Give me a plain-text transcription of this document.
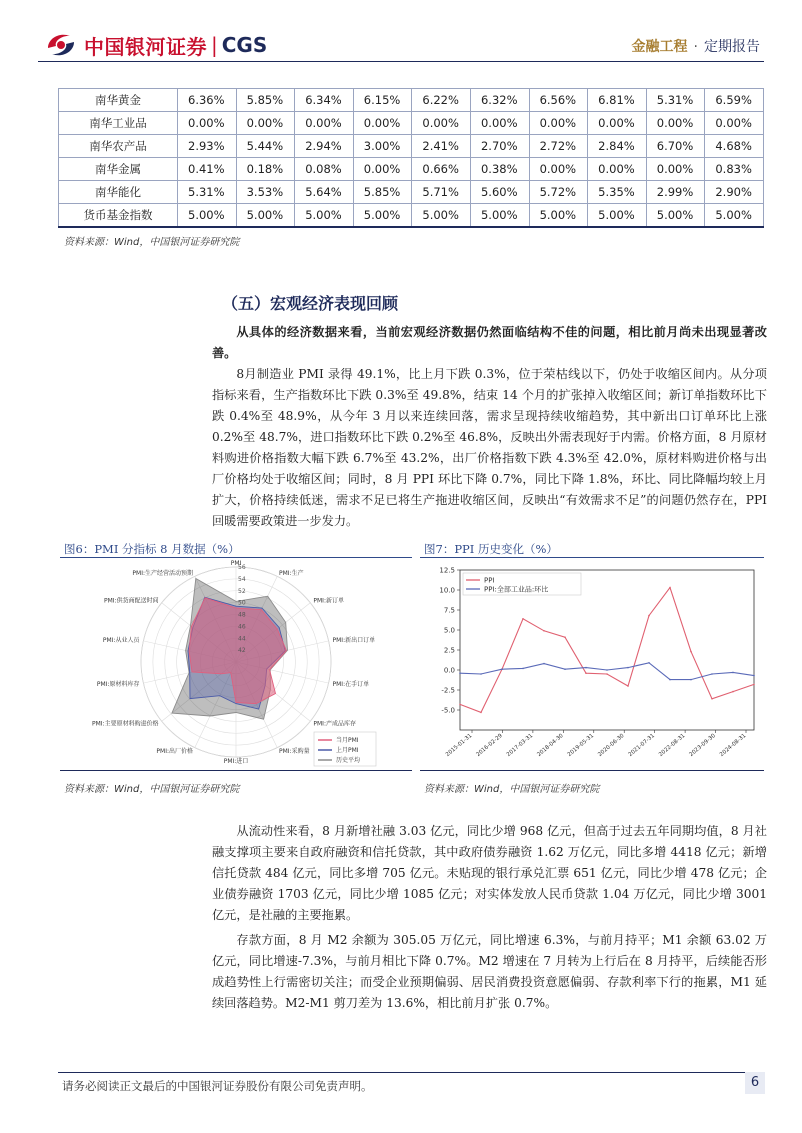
中国银河证券 | CGS	金融工程 · 定期报告
南华黄金	6.36%	5.85%	6.34%	6.15%	6.22%	6.32%	6.56%	6.81%	5.31%	6.59%
南华工业品	0.00%	0.00%	0.00%	0.00%	0.00%	0.00%	0.00%	0.00%	0.00%	0.00%
南华农产品	2.93%	5.44%	2.94%	3.00%	2.41%	2.70%	2.72%	2.84%	6.70%	4.68%
南华金属	0.41%	0.18%	0.08%	0.00%	0.66%	0.38%	0.00%	0.00%	0.00%	0.83%
南华能化	5.31%	3.53%	5.64%	5.85%	5.71%	5.60%	5.72%	5.35%	2.99%	2.90%
货币基金指数	5.00%	5.00%	5.00%	5.00%	5.00%	5.00%	5.00%	5.00%	5.00%	5.00%
资料来源：Wind，中国银河证券研究院
（五）宏观经济表现回顾
从具体的经济数据来看，当前宏观经济数据仍然面临结构不佳的问题，相比前月尚未出现显著改善。
8月制造业 PMI 录得 49.1%，比上月下跌 0.3%，位于荣枯线以下，仍处于收缩区间内。从分项指标来看，生产指数环比下跌 0.3%至 49.8%，结束 14 个月的扩张掉入收缩区间；新订单指数环比下跌 0.4%至 48.9%，从今年 3 月以来连续回落，需求呈现持续收缩趋势，其中新出口订单环比上涨 0.2%至 48.7%，进口指数环比下跌 0.2%至 46.8%，反映出外需表现好于内需。价格方面，8 月原材料购进价格指数大幅下跌 6.7%至 43.2%，出厂价格指数下跌 4.3%至 42.0%，原材料购进价格与出厂价格均处于收缩区间；同时，8 月 PPI 环比下降 0.7%，同比下降 1.8%，环比、同比降幅均较上月扩大，价格持续低迷，需求不足已将生产拖进收缩区间，反映出“有效需求不足”的问题仍然存在，PPI 回暖需要政策进一步发力。
图6：PMI 分指标 8 月数据（%）	图7：PPI 历史变化（%）
42
44
46
48
50
52
54
56
PMI
PMI:生产
PMI:新订单
PMI:新出口订单
PMI:在手订单
PMI:产成品库存
PMI:采购量
PMI:进口
PMI:出厂价格
PMI:主要原材料购进价格
PMI:原材料库存
PMI:从业人员
PMI:供货商配送时间
PMI:生产经营活动预期
当月PMI
上月PMI
历史平均
-5.0
-2.5
0.0
2.5
5.0
7.5
10.0
12.5
2015-01-31 2016-02-29 2017-03-31 2018-04-30 2019-05-31 2020-06-30 2021-07-31 2022-08-31 2023-09-30 2024-08-31
PPI
PPI:全部工业品:环比
资料来源：Wind，中国银河证券研究院	资料来源：Wind，中国银河证券研究院
从流动性来看，8 月新增社融 3.03 亿元，同比少增 968 亿元，但高于过去五年同期均值，8 月社融支撑项主要来自政府融资和信托贷款，其中政府债券融资 1.62 万亿元，同比多增 4418 亿元；新增信托贷款 484 亿元，同比多增 705 亿元。未贴现的银行承兑汇票 651 亿元，同比少增 478 亿元；企业债券融资 1703 亿元，同比少增 1085 亿元；对实体发放人民币贷款 1.04 万亿元，同比少增 3001 亿元，是社融的主要拖累。
存款方面，8 月 M2 余额为 305.05 万亿元，同比增速 6.3%，与前月持平；M1 余额 63.02 万亿元，同比增速-7.3%，与前月相比下降 0.7%。M2 增速在 7 月转为上行后在 8 月持平，后续能否形成趋势性上行需密切关注；而受企业预期偏弱、居民消费投资意愿偏弱、存款利率下行的拖累，M1 延续回落趋势。M2-M1 剪刀差为 13.6%，相比前月扩张 0.7%。
请务必阅读正文最后的中国银河证券股份有限公司免责声明。	6
